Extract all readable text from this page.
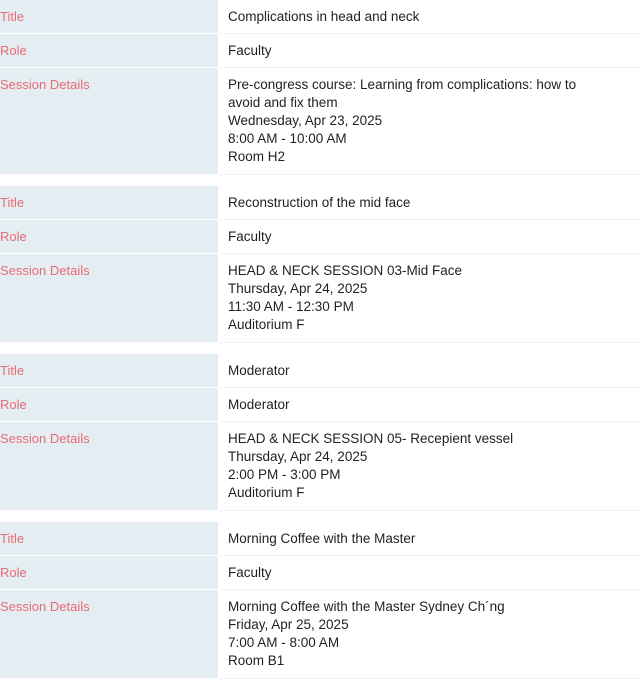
Title	Complications in head and neck
Role	Faculty
Session Details	Pre-congress course: Learning from complications: how to
avoid and fix them
Wednesday, Apr 23, 2025
8:00 AM - 10:00 AM
Room H2
Title	Reconstruction of the mid face
Role	Faculty
Session Details	HEAD & NECK SESSION 03-Mid Face
Thursday, Apr 24, 2025
11:30 AM - 12:30 PM
Auditorium F
Title	Moderator
Role	Moderator
Session Details	HEAD & NECK SESSION 05- Recepient vessel
Thursday, Apr 24, 2025
2:00 PM - 3:00 PM
Auditorium F
Title	Morning Coffee with the Master
Role	Faculty
Session Details	Morning Coffee with the Master Sydney Ch´ng
Friday, Apr 25, 2025
7:00 AM - 8:00 AM
Room B1
